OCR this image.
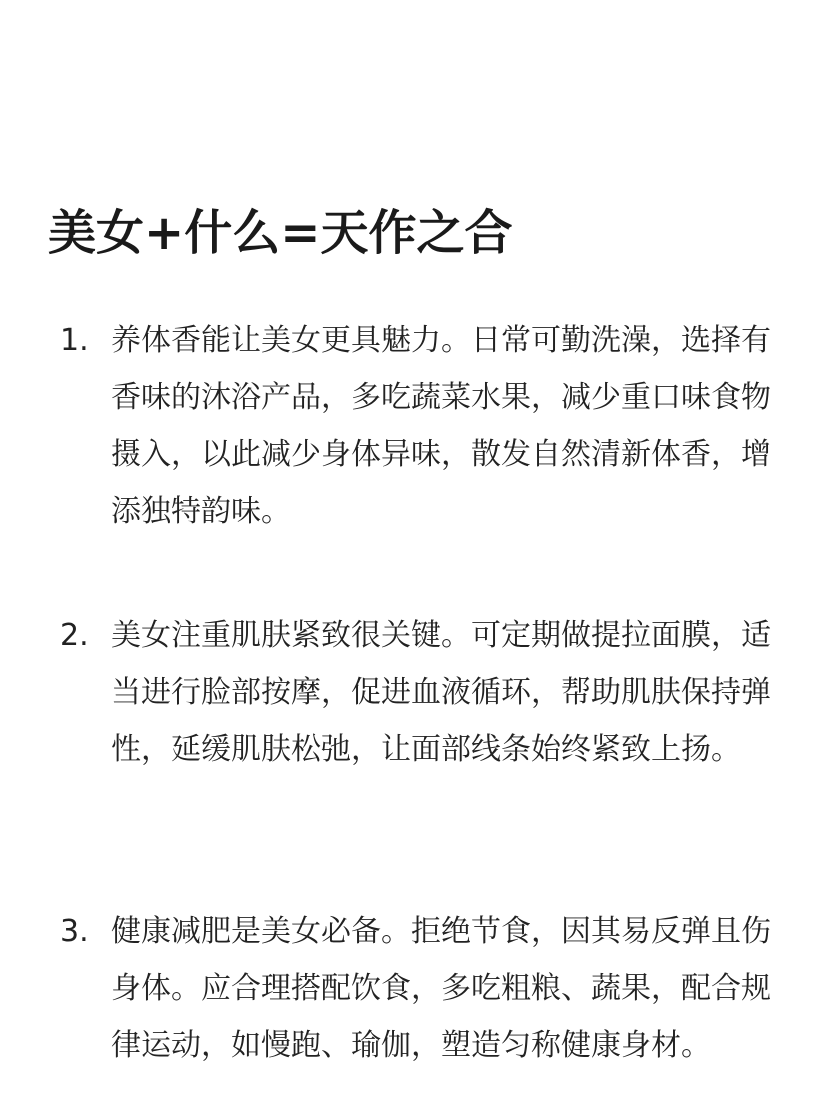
美女+什么=天作之合
1. 养体香能让美女更具魅力。日常可勤洗澡，选择有香味的沐浴产品，多吃蔬菜水果，减少重口味食物摄入，以此减少身体异味，散发自然清新体香，增添独特韵味。

2. 美女注重肌肤紧致很关键。可定期做提拉面膜，适当进行脸部按摩，促进血液循环，帮助肌肤保持弹性，延缓肌肤松弛，让面部线条始终紧致上扬。

3. 健康减肥是美女必备。拒绝节食，因其易反弹且伤身体。应合理搭配饮食，多吃粗粮、蔬果，配合规律运动，如慢跑、瑜伽，塑造匀称健康身材。
